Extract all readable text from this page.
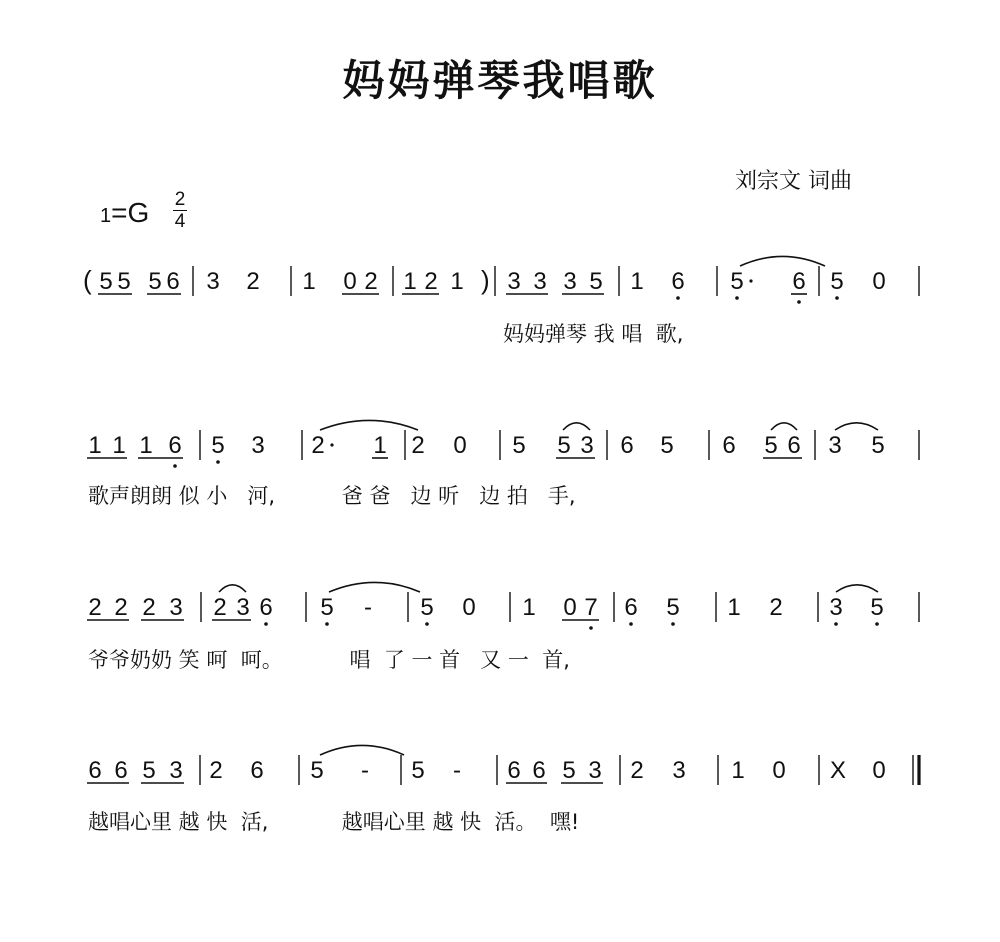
妈妈弹琴我唱歌
刘宗文 词曲
1=G 2
4
(	)
5 5 5 6 3 2 1 0 2 1 2 1 3 3 3 5 1 6 5 6 5 0
1 1 1 6 5 3 2 1 2 0 5 5 3 6 5 6 5 6 3 5
2 2 2 3 2 3 6 5 - 5 0 1 0 7 6 5 1 2 3 5
6 6 5 3 2 6 5 - 5 - 6 6 5 3 2 3 1 0 X 0
妈妈弹琴 我 唱  歌,
歌声朗朗 似 小   河,          爸 爸   边 听   边 拍   手,
爷爷奶奶 笑 呵  呵。          唱  了 一 首   又 一  首,
越唱心里 越 快  活,           越唱心里 越 快  活。  嘿!
